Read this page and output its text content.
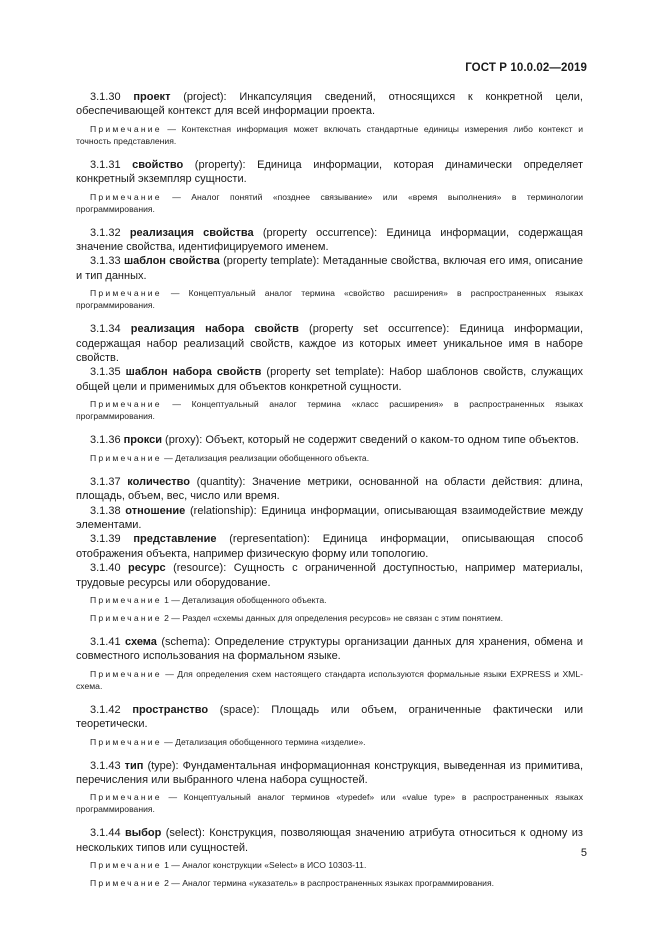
ГОСТ Р 10.0.02—2019

3.1.30 проект (project): Инкапсуляция сведений, относящихся к конкретной цели, обеспечивающей контекст для всей информации проекта.

Примечание — Контекстная информация может включать стандартные единицы измерения либо контекст и точность представления.

3.1.31 свойство (property): Единица информации, которая динамически определяет конкретный экземпляр сущности.

Примечание — Аналог понятий «позднее связывание» или «время выполнения» в терминологии программирования.

3.1.32 реализация свойства (property occurrence): Единица информации, содержащая значение свойства, идентифицируемого именем.

3.1.33 шаблон свойства (property template): Метаданные свойства, включая его имя, описание и тип данных.

Примечание — Концептуальный аналог термина «свойство расширения» в распространенных языках программирования.

3.1.34 реализация набора свойств (property set occurrence): Единица информации, содержащая набор реализаций свойств, каждое из которых имеет уникальное имя в наборе свойств.

3.1.35 шаблон набора свойств (property set template): Набор шаблонов свойств, служащих общей цели и применимых для объектов конкретной сущности.

Примечание — Концептуальный аналог термина «класс расширения» в распространенных языках программирования.

3.1.36 прокси (proxy): Объект, который не содержит сведений о каком-то одном типе объектов.

Примечание — Детализация реализации обобщенного объекта.

3.1.37 количество (quantity): Значение метрики, основанной на области действия: длина, площадь, объем, вес, число или время.

3.1.38 отношение (relationship): Единица информации, описывающая взаимодействие между элементами.

3.1.39 представление (representation): Единица информации, описывающая способ отображения объекта, например физическую форму или топологию.

3.1.40 ресурс (resource): Сущность с ограниченной доступностью, например материалы, трудовые ресурсы или оборудование.

Примечание 1 — Детализация обобщенного объекта.

Примечание 2 — Раздел «схемы данных для определения ресурсов» не связан с этим понятием.

3.1.41 схема (schema): Определение структуры организации данных для хранения, обмена и совместного использования на формальном языке.

Примечание — Для определения схем настоящего стандарта используются формальные языки EXPRESS и XML-схема.

3.1.42 пространство (space): Площадь или объем, ограниченные фактически или теоретически.

Примечание — Детализация обобщенного термина «изделие».

3.1.43 тип (type): Фундаментальная информационная конструкция, выведенная из примитива, перечисления или выбранного члена набора сущностей.

Примечание — Концептуальный аналог терминов «typedef» или «value type» в распространенных языках программирования.

3.1.44 выбор (select): Конструкция, позволяющая значению атрибута относиться к одному из нескольких типов или сущностей.

Примечание 1 — Аналог конструкции «Select» в ИСО 10303-11.

Примечание 2 — Аналог термина «указатель» в распространенных языках программирования.

5
